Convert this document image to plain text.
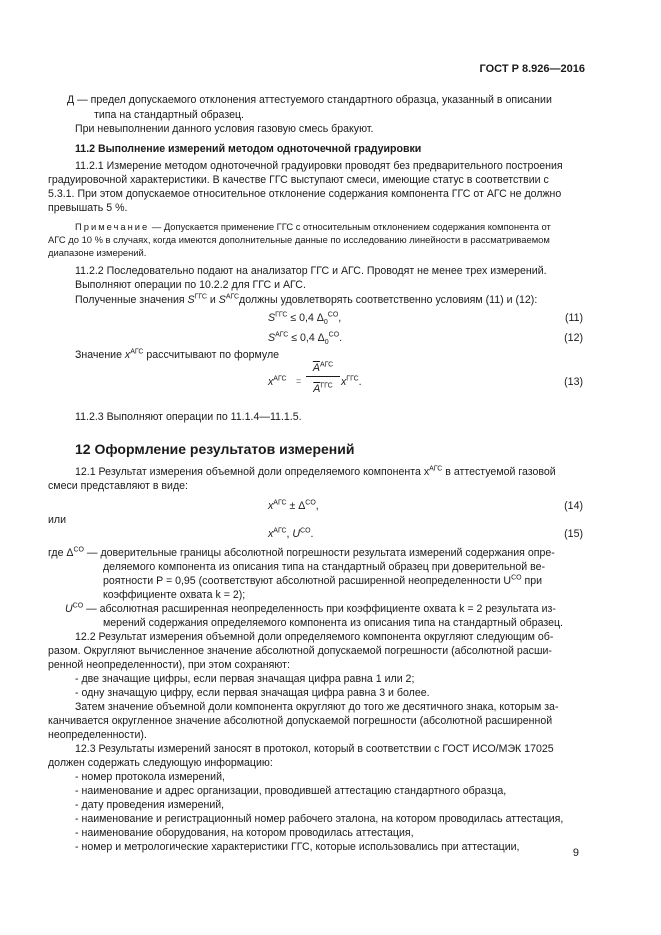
ГОСТ Р 8.926—2016
Д — предел допускаемого отклонения аттестуемого стандартного образца, указанный в описании
типа на стандартный образец.
При невыполнении данного условия газовую смесь бракуют.
11.2 Выполнение измерений методом одноточечной градуировки
11.2.1 Измерение методом одноточечной градуировки проводят без предварительного построения
градуировочной характеристики. В качестве ГГС выступают смеси, имеющие статус в соответствии с
5.3.1. При этом допускаемое относительное отклонение содержания компонента ГГС от АГС не должно
превышать 5 %.
Примечание — Допускается применение ГГС с относительным отклонением содержания компонента от
АГС до 10 % в случаях, когда имеются дополнительные данные по исследованию линейности в рассматриваемом
диапазоне измерений.
11.2.2 Последовательно подают на анализатор ГГС и АГС. Проводят не менее трех измерений.
Выполняют операции по 10.2.2 для ГГС и АГС.
Полученные значения $S^{ГГС}$ и $S^{АГС}должны$ удовлетворять соответственно условиям (11) и (12):
$S^{ГГС} \le 0,4$ $\Delta_0^{CO}$,	(11)
$S^{АГС} \le 0,4$ $\Delta_0^{CO}$.	(12)
Значение $x^{АГС}$ рассчитывают по формуле
$x^{АГС}$ =
$\overline{A}^{АГС}$
$\overline{A}^{ГГС}$ $x^{ГГС}$.	(13)
11.2.3 Выполняют операции по 11.1.4—11.1.5.
12 Оформление результатов измерений
12.1 Результат измерения объемной доли определяемого компонента $x^{АГС}$ в аттестуемой газовой
смеси представляют в виде:
$x^{АГС} \pm \Delta^{CO}$,	(14)
или
$x^{АГС}$, $U^{CO}$.	(15)
где $\Delta^{CO}$ — доверительные границы абсолютной погрешности результата измерений содержания опре-
деляемого компонента из описания типа на стандартный образец при доверительной ве-
роятности P = 0,95 (соответствуют абсолютной расширенной неопределенности $U^{CO}$ при
коэффициенте охвата k = 2);
$U^{CO}$ — абсолютная расширенная неопределенность при коэффициенте охвата k = 2 результата из-
мерений содержания определяемого компонента из описания типа на стандартный образец.
12.2 Результат измерения объемной доли определяемого компонента округляют следующим об-
разом. Округляют вычисленное значение абсолютной допускаемой погрешности (абсолютной расши-
ренной неопределенности), при этом сохраняют:
- две значащие цифры, если первая значащая цифра равна 1 или 2;
- одну значащую цифру, если первая значащая цифра равна 3 и более.
Затем значение объемной доли компонента округляют до того же десятичного знака, которым за-
канчивается округленное значение абсолютной допускаемой погрешности (абсолютной расширенной
неопределенности).
12.3 Результаты измерений заносят в протокол, который в соответствии с ГОСТ ИСО/МЭК 17025
должен содержать следующую информацию:
- номер протокола измерений,
- наименование и адрес организации, проводившей аттестацию стандартного образца,
- дату проведения измерений,
- наименование и регистрационный номер рабочего эталона, на котором проводилась аттестация,
- наименование оборудования, на котором проводилась аттестация,
- номер и метрологические характеристики ГГС, которые использовались при аттестации,	9
